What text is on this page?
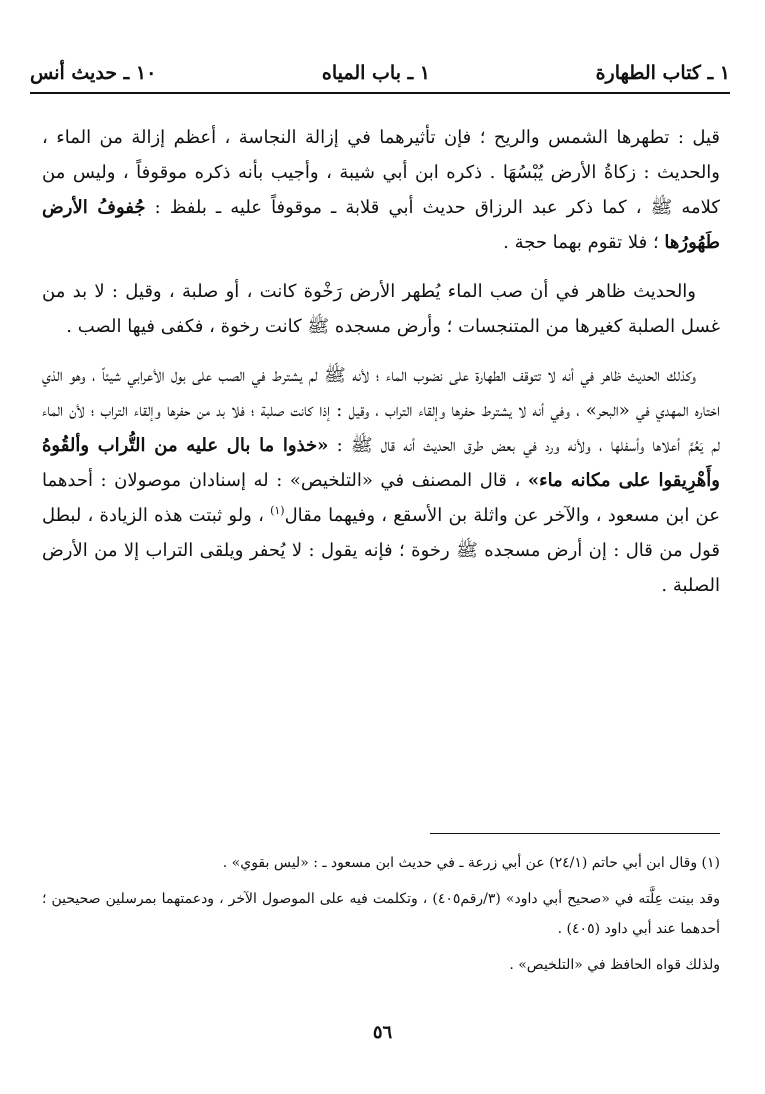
١ ـ كتاب الطهارة
١ ـ باب المياه
١٠ ـ حديث أنس

قيل : تطهرها الشمس والريح ؛ فإن تأثيرهما في إزالة النجاسة ، أعظم إزالة من الماء ، والحديث : زكاةُ الأرض يُبْسُهَا . ذكره ابن أبي شيبة ، وأجيب بأنه ذكره موقوفاً ، وليس من كلامه ﷺ ، كما ذكر عبد الرزاق حديث أبي قلابة ـ موقوفاً عليه ـ بلفظ : جُفوفُ الأرض طَهُورُها ؛ فلا تقوم بهما حجة .

والحديث ظاهر في أن صب الماء يُطهر الأرض رَخْوة كانت ، أو صلبة ، وقيل : لا بد من غسل الصلبة كغيرها من المتنجسات ؛ وأرض مسجده ﷺ كانت رخوة ، فكفى فيها الصب .

وكذلك الحديث ظاهر في أنه لا تتوقف الطهارة على نضوب الماء ؛ لأنه ﷺ لم يشترط في الصب على بول الأعرابي شيئاً ، وهو الذي اختاره المهدي في «البحر» ، وفي أنه لا يشترط حفرها وإلقاء التراب ، وقيل : إذا كانت صلبة ؛ فلا بد من حفرها وإلقاء التراب ؛ لأن الماء لم يَعُمَّ أعلاها وأسفلها ، ولأنه ورد في بعض طرق الحديث أنه قال ﷺ : «خذوا ما بال عليه من التُّراب وألقُوهُ وأَهْرِيقوا على مكانه ماء» ، قال المصنف في «التلخيص» : له إسنادان موصولان : أحدهما عن ابن مسعود ، والآخر عن واثلة بن الأسقع ، وفيهما مقال$^{(١)}$ ، ولو ثبتت هذه الزيادة ، لبطل قول من قال : إن أرض مسجده ﷺ رخوة ؛ فإنه يقول : لا يُحفر ويلقى التراب إلا من الأرض الصلبة .

(١) وقال ابن أبي حاتم (٢٤/١) عن أبي زرعة ـ في حديث ابن مسعود ـ : «ليس بقوي» .

وقد بينت عِلَّته في «صحيح أبي داود» (٣/رقم٤٠٥) ، وتكلمت فيه على الموصول الآخر ، ودعمتهما بمرسلين صحيحين ؛ أحدهما عند أبي داود (٤٠٥) .

ولذلك قواه الحافظ في «التلخيص» .

٥٦
